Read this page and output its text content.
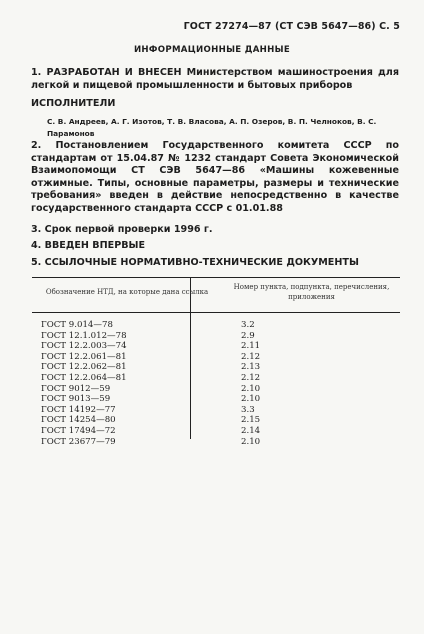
ГОСТ 27274—87 (СТ СЭВ 5647—86) С. 5
ИНФОРМАЦИОННЫЕ ДАННЫЕ
1. РАЗРАБОТАН И ВНЕСЕН Министерством машиностроения для легкой и пищевой промышленности и бытовых приборов
ИСПОЛНИТЕЛИ
С. В. Андреев, А. Г. Изотов, Т. В. Власова, А. П. Озеров, В. П. Челноков, В. С. Парамонов
2. Постановлением Государственного комитета СССР по стандартам от 15.04.87 № 1232 стандарт Совета Экономической Взаимопомощи СТ СЭВ 5647—86 «Машины кожевенные отжимные. Типы, основные параметры, размеры и технические требования» введен в действие непосредственно в качестве государственного стандарта СССР с 01.01.88
3. Срок первой проверки 1996 г.
4. ВВЕДЕН ВПЕРВЫЕ
5. ССЫЛОЧНЫЕ НОРМАТИВНО-ТЕХНИЧЕСКИЕ ДОКУМЕНТЫ
Обозначение НТД, на которые дана ссылка
Номер пункта, подпункта, перечисления, приложения
ГОСТ 9.014—78	3.2
ГОСТ 12.1.012—78	2.9
ГОСТ 12.2.003—74	2.11
ГОСТ 12.2.061—81	2.12
ГОСТ 12.2.062—81	2.13
ГОСТ 12.2.064—81	2.12
ГОСТ 9012—59	2.10
ГОСТ 9013—59	2.10
ГОСТ 14192—77	3.3
ГОСТ 14254—80	2.15
ГОСТ 17494—72	2.14
ГОСТ 23677—79	2.10
